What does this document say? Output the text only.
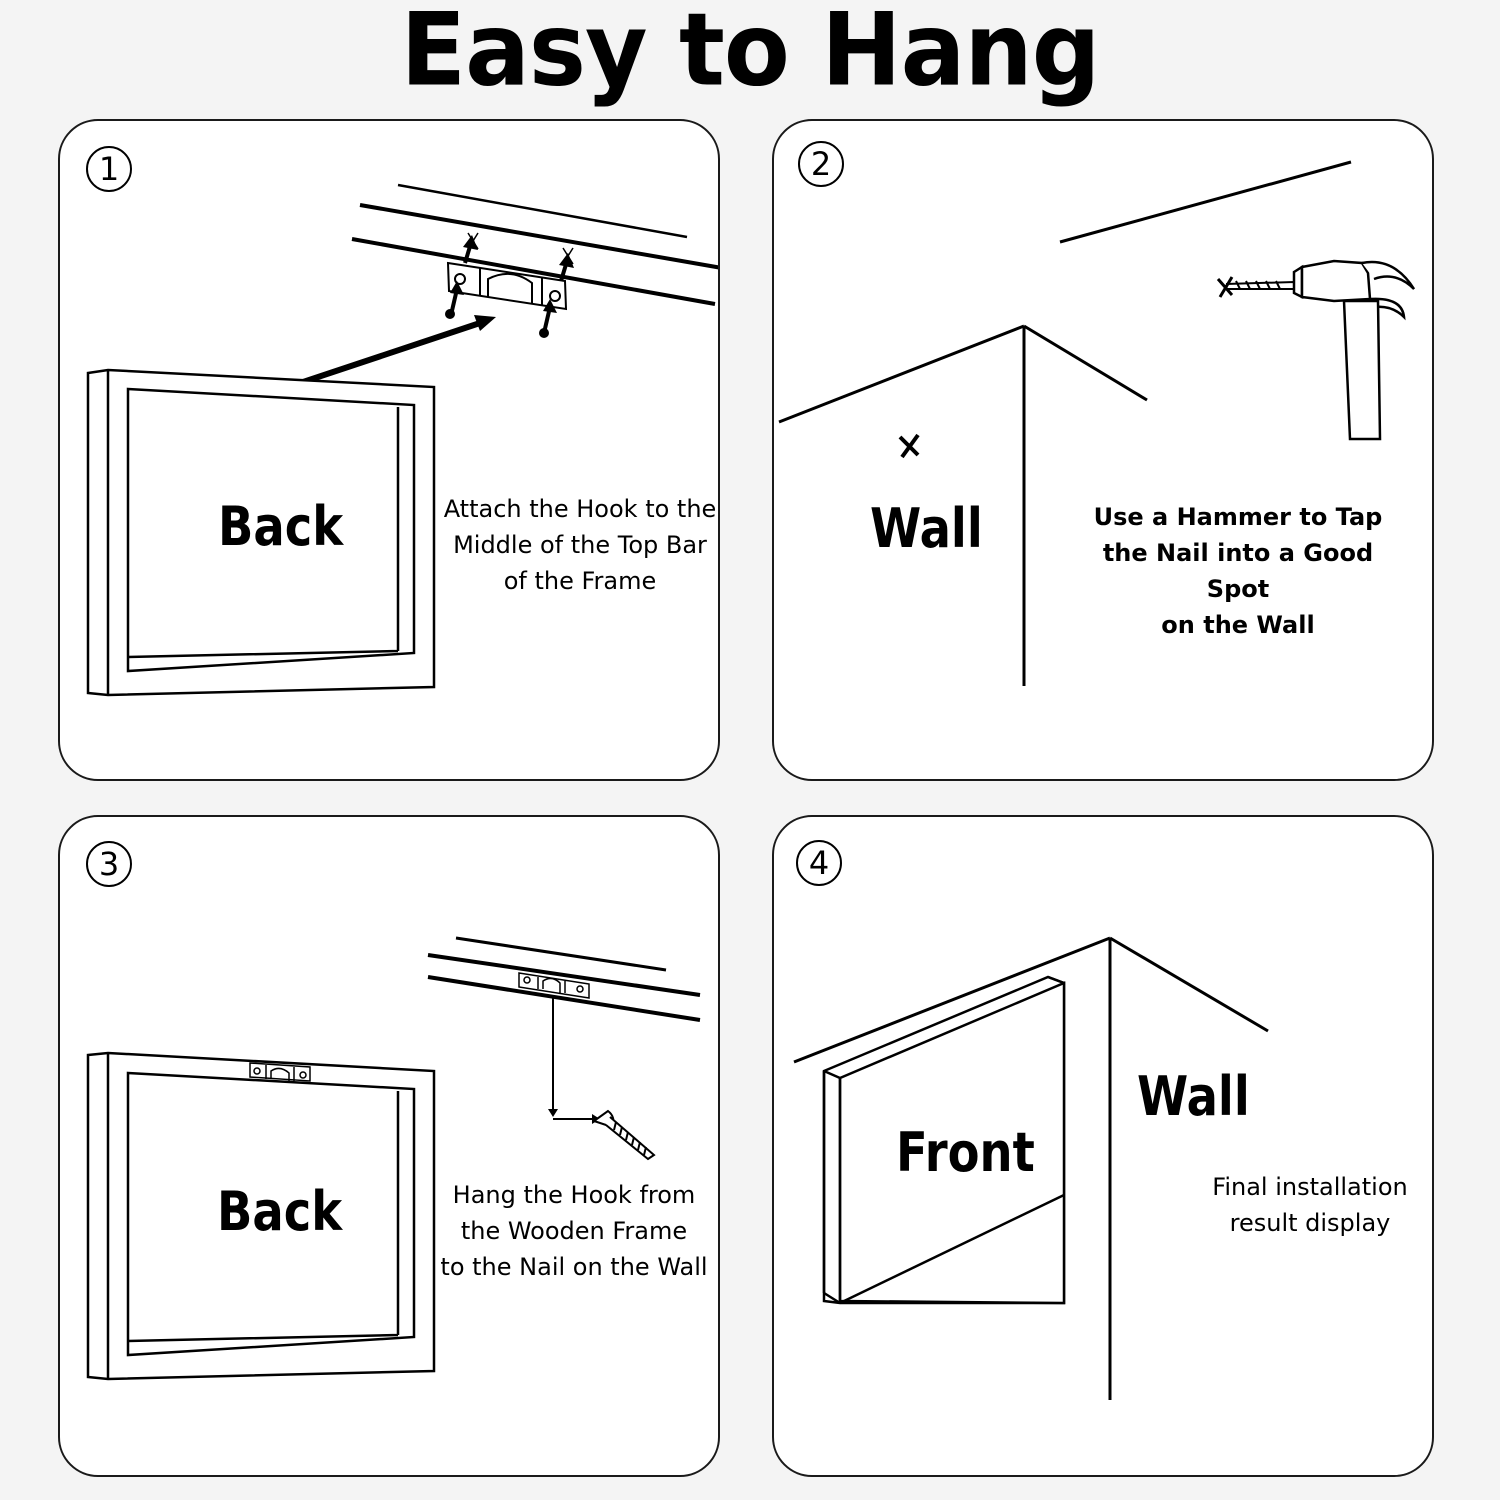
Easy to Hang
1
Back	Attach the Hook to the
Middle of the Top Bar
of the Frame
2
Wall	Use a Hammer to Tap
the Nail into a Good Spot
on the Wall
3
Back	Hang the Hook from
the Wooden Frame
to the Nail on the Wall
4
Front
Wall
Final installation
result display
